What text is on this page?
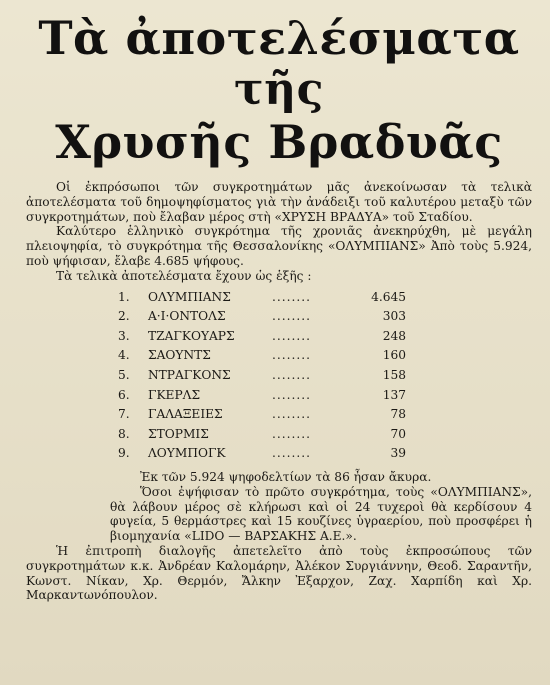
Τὰ ἀποτελέσματα
τῆς
Χρυσῆς Βραδυᾶς

Οἱ ἐκπρόσωποι τῶν συγκροτημάτων μᾶς ἀνεκοίνωσαν τὰ τελικὰ ἀποτελέσματα τοῦ δημοψηφίσματος γιὰ τὴν ἀνάδειξι τοῦ καλυτέρου μεταξὺ τῶν συγκροτημάτων, ποὺ ἔλαβαν μέρος στὴ «ΧΡΥΣΗ ΒΡΑΔΥΑ» τοῦ Σταδίου.

Καλύτερο ἑλληνικὸ συγκρότημα τῆς χρονιᾶς ἀνεκηρύχθη, μὲ μεγάλη πλειοψηφία, τὸ συγκρότημα τῆς Θεσσαλονίκης «ΟΛΥΜΠΙΑΝΣ» Ἀπὸ τοὺς 5.924, ποὺ ψήφισαν, ἔλαβε 4.685 ψήφους.

Τὰ τελικὰ ἀποτελέσματα ἔχουν ὡς ἑξῆς :

1.	ΟΛΥΜΠΙΑΝΣ	........	4.645
2.	Α·Ι·ΟΝΤΟΛΣ	........	303
3.	ΤΖΑΓΚΟΥΑΡΣ	........	248
4.	ΣΑΟΥΝΤΣ	........	160
5.	ΝΤΡΑΓΚΟΝΣ	........	158
6.	ΓΚΕΡΛΣ	........	137
7.	ΓΑΛΑΞΕΙΕΣ	........	78
8.	ΣΤΟΡΜΙΣ	........	70
9.	ΛΟΥΜΠΟΓΚ	........	39

Ἐκ τῶν 5.924 ψηφοδελτίων τὰ 86 ἦσαν ἄκυρα.

Ὅσοι ἐψήφισαν τὸ πρῶτο συγκρότημα, τοὺς «ΟΛΥΜΠΙΑΝΣ», θὰ λάβουν μέρος σὲ κλήρωσι καὶ οἱ 24 τυχεροὶ θὰ κερδίσουν 4 φυγεία, 5 θερμάστρες καὶ 15 κουζίνες ὑγραερίου, ποὺ προσφέρει ἡ βιομηχανία «LIDO — ΒΑΡΣΑΚΗΣ Α.Ε.».

Ἡ ἐπιτροπὴ διαλογῆς ἀπετελεῖτο ἀπὸ τοὺς ἐκπροσώπους τῶν συγκροτημάτων κ.κ. Ἀνδρέαν Καλομάρην, Ἀλέκον Συργιάννην, Θεοδ. Σαραντῆν, Κωνστ. Νίκαν, Χρ. Θερμόν, Ἄλκην Ἐξαρχον, Ζαχ. Χαρπίδη καὶ Χρ. Μαρκαντωνόπουλον.
